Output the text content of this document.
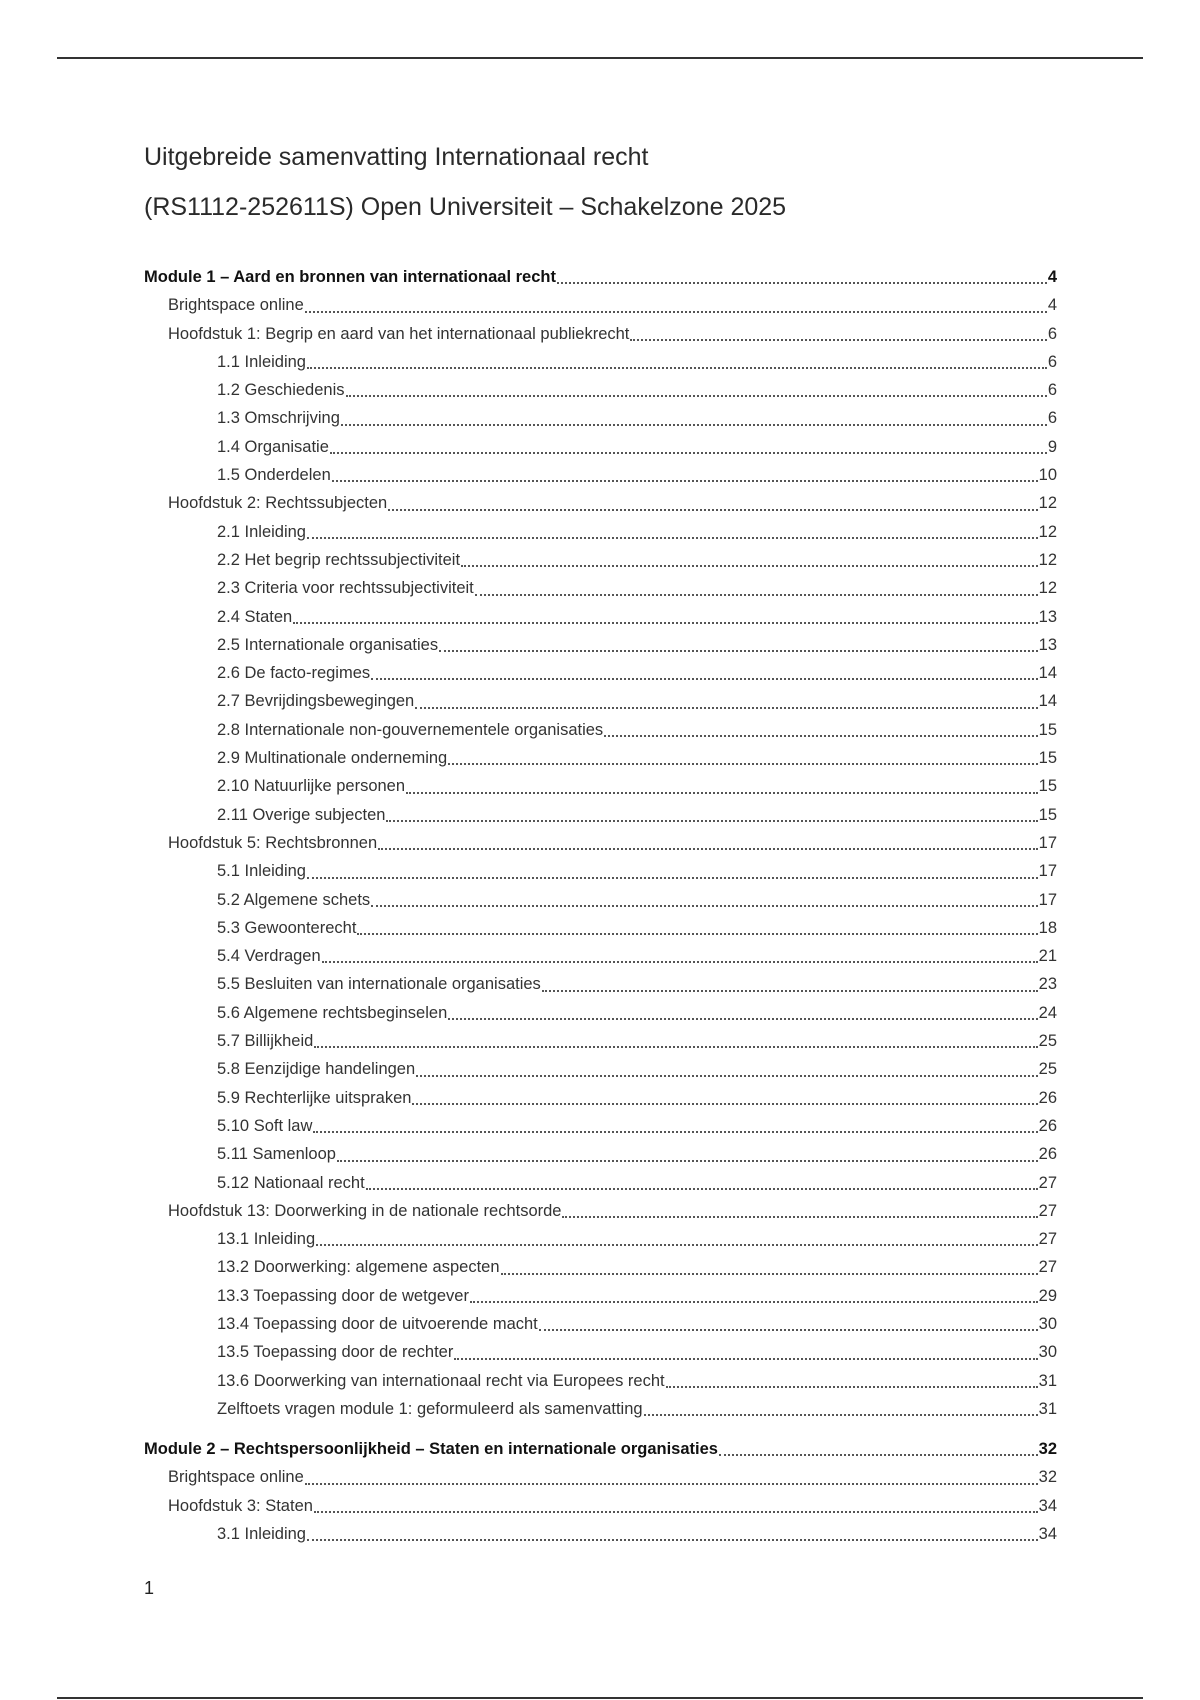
Uitgebreide samenvatting Internationaal recht

(RS1112-252611S) Open Universiteit – Schakelzone 2025

Module 1 – Aard en bronnen van internationaal recht	4
Brightspace online	4
Hoofdstuk 1: Begrip en aard van het internationaal publiekrecht	6
1.1 Inleiding	6
1.2 Geschiedenis	6
1.3 Omschrijving	6
1.4 Organisatie	9
1.5 Onderdelen	10
Hoofdstuk 2: Rechtssubjecten	12
2.1 Inleiding	12
2.2 Het begrip rechtssubjectiviteit	12
2.3 Criteria voor rechtssubjectiviteit	12
2.4 Staten	13
2.5 Internationale organisaties	13
2.6 De facto-regimes	14
2.7 Bevrijdingsbewegingen	14
2.8 Internationale non-gouvernementele organisaties	15
2.9 Multinationale onderneming	15
2.10 Natuurlijke personen	15
2.11 Overige subjecten	15
Hoofdstuk 5: Rechtsbronnen	17
5.1 Inleiding	17
5.2 Algemene schets	17
5.3 Gewoonterecht	18
5.4 Verdragen	21
5.5 Besluiten van internationale organisaties	23
5.6 Algemene rechtsbeginselen	24
5.7 Billijkheid	25
5.8 Eenzijdige handelingen	25
5.9 Rechterlijke uitspraken	26
5.10 Soft law	26
5.11 Samenloop	26
5.12 Nationaal recht	27
Hoofdstuk 13: Doorwerking in de nationale rechtsorde	27
13.1 Inleiding	27
13.2 Doorwerking: algemene aspecten	27
13.3 Toepassing door de wetgever	29
13.4 Toepassing door de uitvoerende macht	30
13.5 Toepassing door de rechter	30
13.6 Doorwerking van internationaal recht via Europees recht	31
Zelftoets vragen module 1: geformuleerd als samenvatting	31
Module 2 – Rechtspersoonlijkheid – Staten en internationale organisaties	32
Brightspace online	32
Hoofdstuk 3: Staten	34
3.1 Inleiding	34
1
